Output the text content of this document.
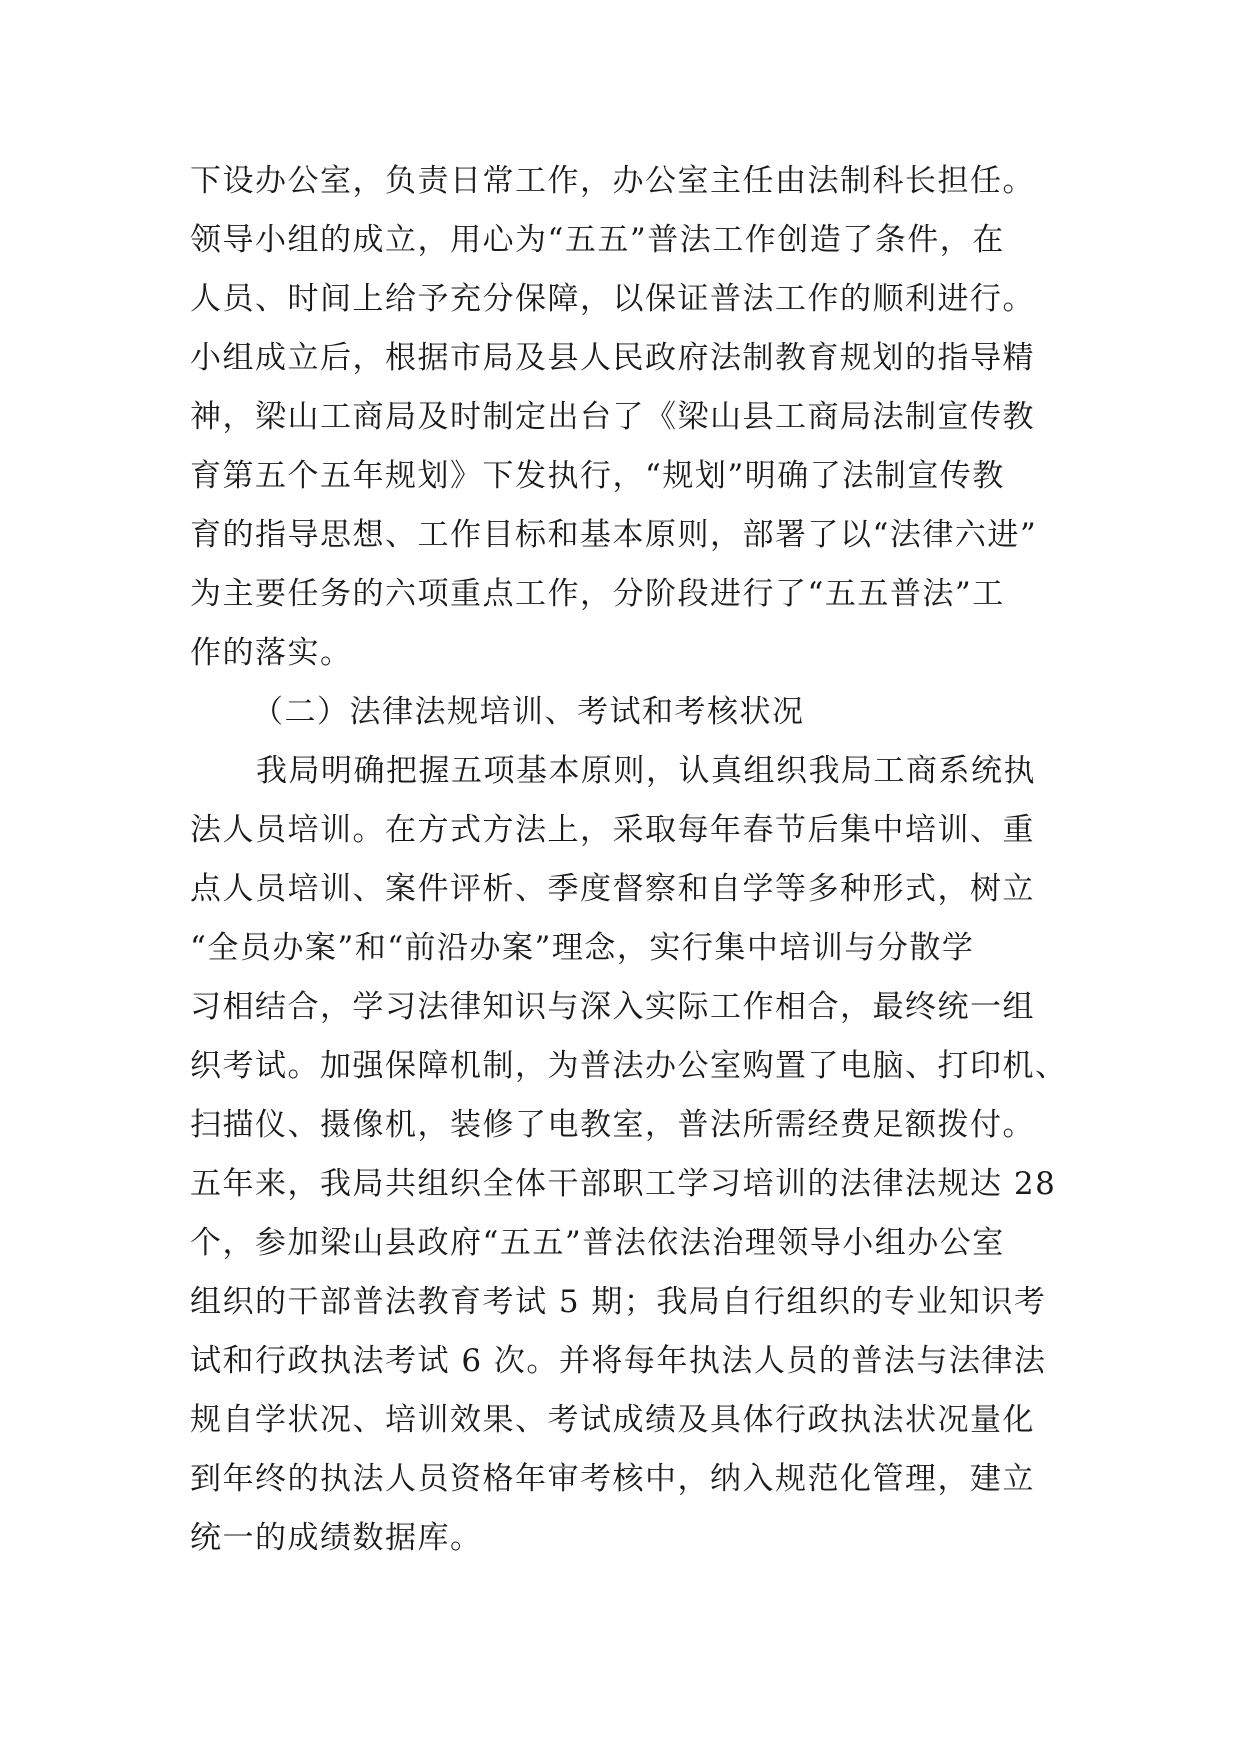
下设办公室，负责日常工作，办公室主任由法制科长担任。
领导小组的成立，用心为“五五”普法工作创造了条件，在
人员、时间上给予充分保障，以保证普法工作的顺利进行。
小组成立后，根据市局及县人民政府法制教育规划的指导精
神，梁山工商局及时制定出台了《梁山县工商局法制宣传教
育第五个五年规划》下发执行，“规划”明确了法制宣传教
育的指导思想、工作目标和基本原则，部署了以“法律六进”
为主要任务的六项重点工作，分阶段进行了“五五普法”工
作的落实。
（二）法律法规培训、考试和考核状况
我局明确把握五项基本原则，认真组织我局工商系统执
法人员培训。在方式方法上，采取每年春节后集中培训、重
点人员培训、案件评析、季度督察和自学等多种形式，树立
“全员办案”和“前沿办案”理念，实行集中培训与分散学
习相结合，学习法律知识与深入实际工作相合，最终统一组
织考试。加强保障机制，为普法办公室购置了电脑、打印机、
扫描仪、摄像机，装修了电教室，普法所需经费足额拨付。
五年来，我局共组织全体干部职工学习培训的法律法规达 28
个，参加梁山县政府“五五”普法依法治理领导小组办公室
组织的干部普法教育考试 5 期；我局自行组织的专业知识考
试和行政执法考试 6 次。并将每年执法人员的普法与法律法
规自学状况、培训效果、考试成绩及具体行政执法状况量化
到年终的执法人员资格年审考核中，纳入规范化管理，建立
统一的成绩数据库。
